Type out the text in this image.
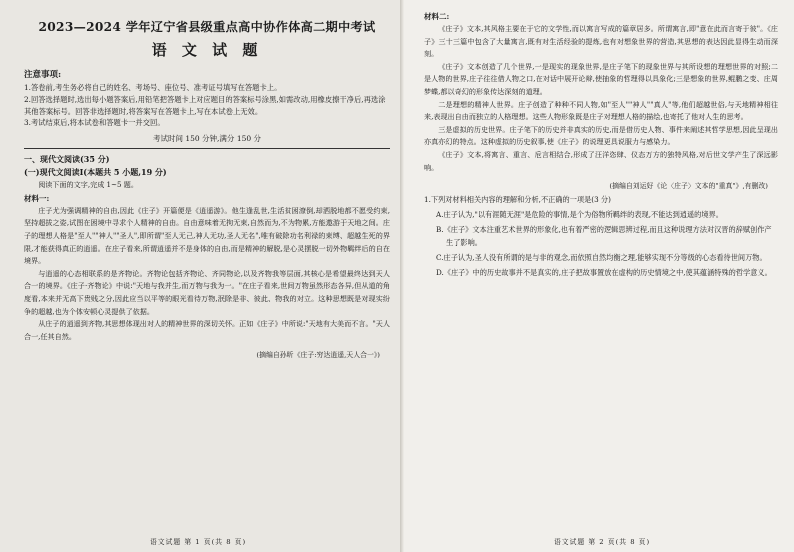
2023—2024 学年辽宁省县级重点高中协作体高二期中考试
语 文 试 题
注意事项:

1.答卷前,考生务必将自己的姓名、考场号、座位号、准考证号填写在答题卡上。

2.回答选择题时,选出每小题答案后,用铅笔把答题卡上对应题目的答案标号涂黑,如需改动,用橡皮擦干净后,再选涂其他答案标号。回答非选择题时,将答案写在答题卡上,写在本试卷上无效。

3.考试结束后,将本试卷和答题卡一并交回。

考试时间 150 分钟,满分 150 分
一、现代文阅读(35 分)
(一)现代文阅读Ⅰ(本题共 5 小题,19 分)

阅读下面的文字,完成 1~5 题。

材料一:

庄子尤为强调精神的自由,因此《庄子》开篇便是《逍遥游》。他生逢乱世,生活贫困潦倒,却洒脱地都不愿受约束,坚持超拔之姿,试图在困境中寻求个人精神的自由。自由意味着无拘无束,自然而为,不为物累,方能遨游于天地之间。庄子的理想人格是"至人""神人""圣人",即所谓"至人无己,神人无功,圣人无名",唯有破除功名利禄的束缚、超越生死的界限,才能获得真正的逍遥。在庄子看来,所谓逍遥并不是身体的自由,而是精神的解脱,是心灵摆脱一切外物羁绊后的自在境界。

与逍遥的心态相联系的是齐物论。齐物论包括齐物论、齐同物论,以及齐物我等层面,其核心是希望最终达到天人合一的境界。《庄子·齐物论》中说:"天地与我并生,而万物与我为一。"在庄子看来,世间万物虽然形态各异,但从道的角度看,本来并无高下贵贱之分,因此应当以平等的眼光看待万物,泯除是非、彼此、物我的对立。这种思想既是对现实纷争的超越,也为个体安顿心灵提供了依据。

从庄子的逍遥到齐物,其思想体现出对人的精神世界的深切关怀。正如《庄子》中所说:"天地有大美而不言。"天人合一,任其自然。

(摘编自孙昕《庄子:穷达逍遥,天人合一》)
语文试题 第 1 页(共 8 页)
材料二:

《庄子》文本,其风格主要在于它的文学性,而以寓言写成的篇章居多。所谓寓言,即"意在此而言寄于彼"。《庄子》三十三篇中包含了大量寓言,既有对生活经验的提炼,也有对想象世界的营造,其思想的表达因此显得生动而深刻。

《庄子》文本创造了几个世界,一是现实的现象世界,是庄子笔下的现象世界与其所设想的理想世界的对照;二是人物的世界,庄子往往借人物之口,在对话中展开论辩,使抽象的哲理得以具象化;三是想象的世界,鲲鹏之变、庄周梦蝶,都以奇幻的形象传达深刻的道理。

二是理想的精神人世界。庄子创造了种种不同人物,如"至人""神人""真人"等,他们超越世俗,与天地精神相往来,表现出自由而独立的人格理想。这些人物形象既是庄子对理想人格的描绘,也寄托了他对人生的思考。

三是虚拟的历史世界。庄子笔下的历史并非真实的历史,而是借历史人物、事件来阐述其哲学思想,因此呈现出亦真亦幻的特点。这种虚拟的历史叙事,使《庄子》的说理更具说服力与感染力。

《庄子》文本,将寓言、重言、卮言相结合,形成了汪洋恣肆、仪态万方的独特风格,对后世文学产生了深远影响。

(摘编自刘运好《论〈庄子〉文本的"重真"》,有删改)

1.下列对材料相关内容的理解和分析,不正确的一项是(3 分)

A.庄子认为,"以有涯随无涯"是危险的事情,是个为俗物所羁绊的表现,不能达到逍遥的境界。

B.《庄子》文本注重艺术世界的形象化,也有着严密的逻辑思辨过程,而且这种说理方法对汉晋的辞赋创作产生了影响。

C.庄子认为,圣人没有所谓的是与非的观念,而依照自然均衡之理,能够实现不分等级的心态看待世间万物。

D.《庄子》中的历史故事并不是真实的,庄子把故事置放在虚构的历史情境之中,使其蕴涵特殊的哲学意义。

语文试题 第 2 页(共 8 页)
